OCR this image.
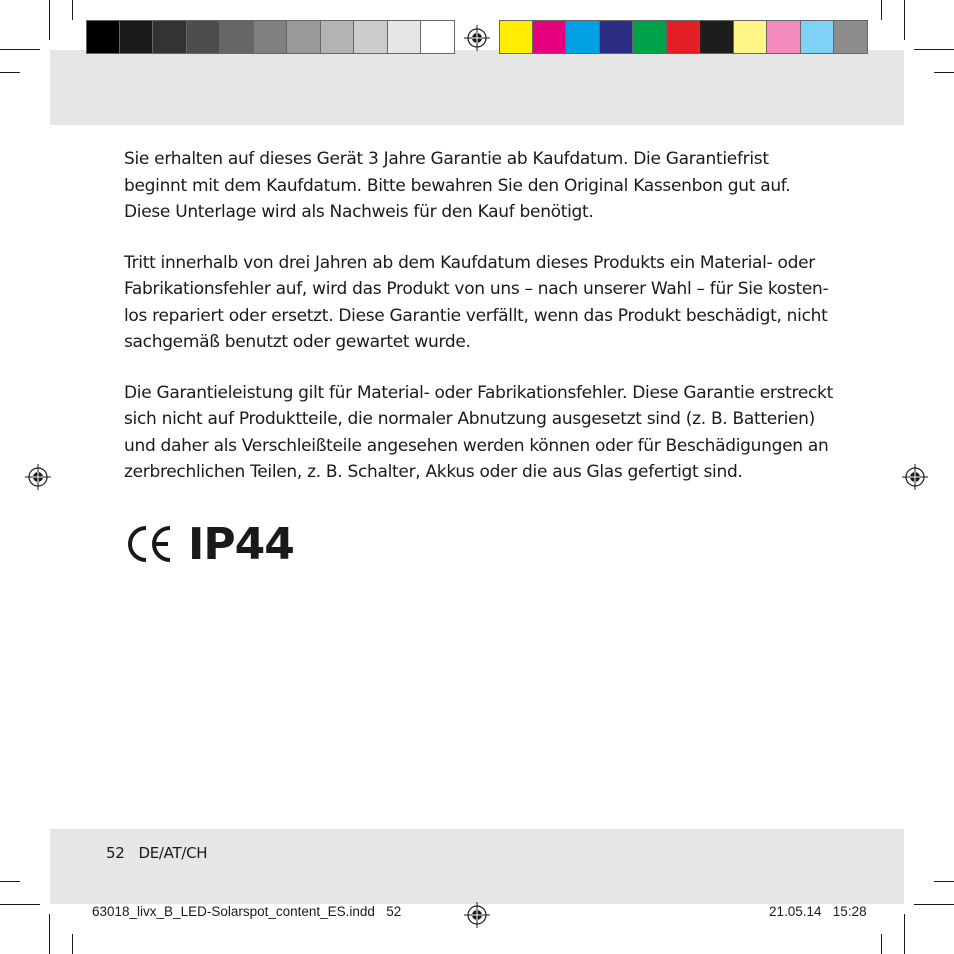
Sie erhalten auf dieses Gerät 3 Jahre Garantie ab Kaufdatum. Die Garantiefrist beginnt mit dem Kaufdatum. Bitte bewahren Sie den Original Kassenbon gut auf. Diese Unterlage wird als Nachweis für den Kauf benötigt.

Tritt innerhalb von drei Jahren ab dem Kaufdatum dieses Produkts ein Material- oder Fabrikationsfehler auf, wird das Produkt von uns – nach unserer Wahl – für Sie kosten-los repariert oder ersetzt. Diese Garantie verfällt, wenn das Produkt beschädigt, nicht sachgemäß benutzt oder gewartet wurde.

Die Garantieleistung gilt für Material- oder Fabrikationsfehler. Diese Garantie erstreckt sich nicht auf Produktteile, die normaler Abnutzung ausgesetzt sind (z. B. Batterien) und daher als Verschleißteile angesehen werden können oder für Beschädigungen an zerbrechlichen Teilen, z. B. Schalter, Akkus oder die aus Glas gefertigt sind.

IP44
52 DE/AT/CH
63018_livx_B_LED-Solarspot_content_ES.indd   52	21.05.14   15:28
